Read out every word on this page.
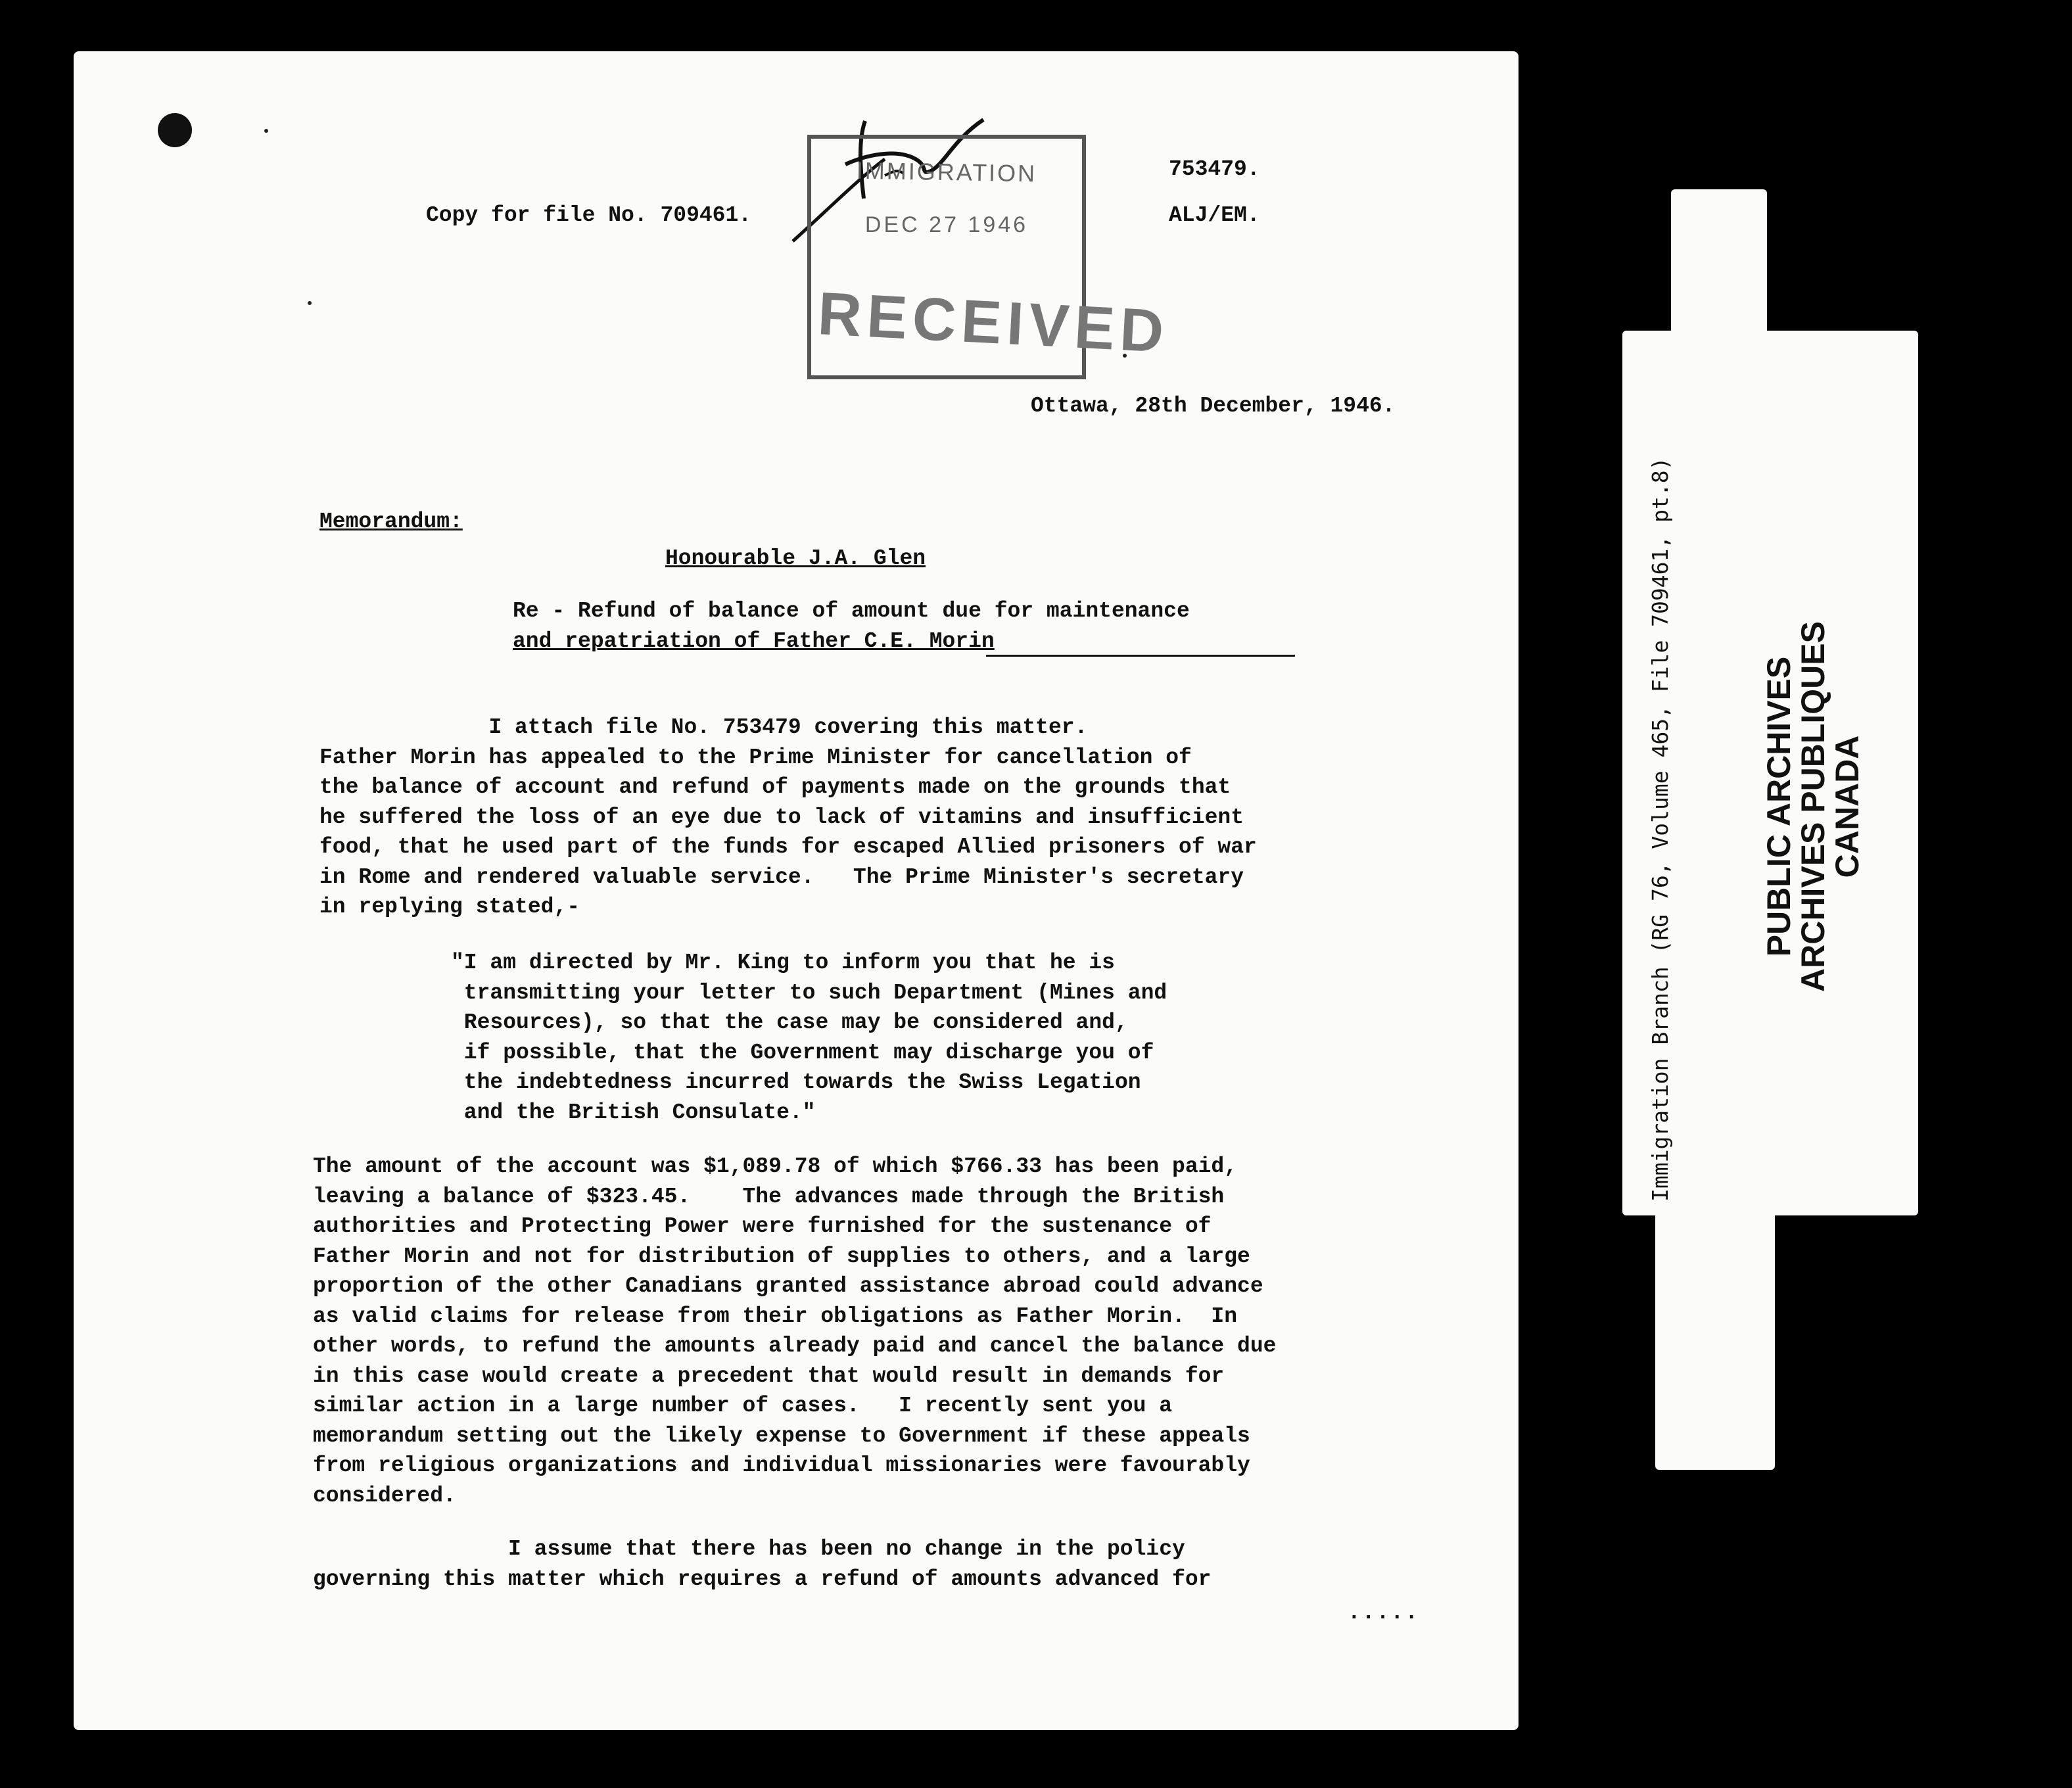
753479.
Copy for file No. 709461.	ALJ/EM.
IMMIGRATION
DEC 27 1946
RECEIVED
Ottawa, 28th December, 1946.
Memorandum:
Honourable J.A. Glen
Re - Refund of balance of amount due for maintenance
and repatriation of Father C.E. Morin
I attach file No. 753479 covering this matter.
Father Morin has appealed to the Prime Minister for cancellation of
the balance of account and refund of payments made on the grounds that
he suffered the loss of an eye due to lack of vitamins and insufficient
food, that he used part of the funds for escaped Allied prisoners of war
in Rome and rendered valuable service.   The Prime Minister's secretary
in replying stated,-
"I am directed by Mr. King to inform you that he is
transmitting your letter to such Department (Mines and
Resources), so that the case may be considered and,
if possible, that the Government may discharge you of
the indebtedness incurred towards the Swiss Legation
and the British Consulate."
The amount of the account was $1,089.78 of which $766.33 has been paid,
leaving a balance of $323.45.    The advances made through the British
authorities and Protecting Power were furnished for the sustenance of
Father Morin and not for distribution of supplies to others, and a large
proportion of the other Canadians granted assistance abroad could advance
as valid claims for release from their obligations as Father Morin.  In
other words, to refund the amounts already paid and cancel the balance due
in this case would create a precedent that would result in demands for
similar action in a large number of cases.   I recently sent you a
memorandum setting out the likely expense to Government if these appeals
from religious organizations and individual missionaries were favourably
considered.
I assume that there has been no change in the policy
governing this matter which requires a refund of amounts advanced for
.....
Immigration Branch (RG 76, Volume 465, File 709461, pt.8)	PUBLIC ARCHIVES
ARCHIVES PUBLIQUES
CANADA
